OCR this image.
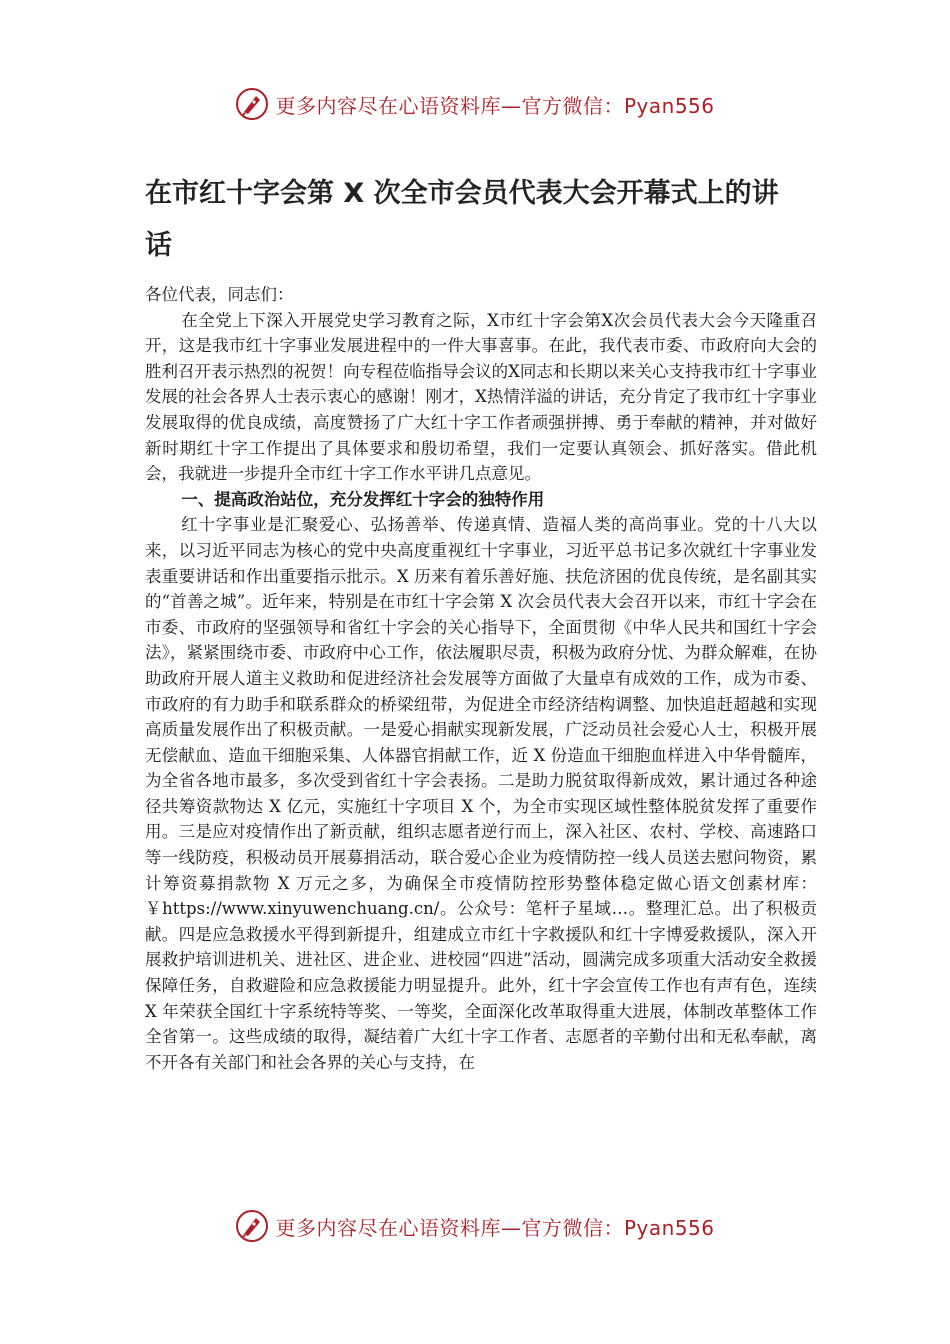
更多内容尽在心语资料库—官方微信：Pyan556
在市红十字会第 X 次全市会员代表大会开幕式上的讲话

各位代表，同志们：

在全党上下深入开展党史学习教育之际，X市红十字会第X次会员代表大会今天隆重召开，这是我市红十字事业发展进程中的一件大事喜事。在此，我代表市委、市政府向大会的胜利召开表示热烈的祝贺！向专程莅临指导会议的X同志和长期以来关心支持我市红十字事业发展的社会各界人士表示衷心的感谢！刚才，X热情洋溢的讲话，充分肯定了我市红十字事业发展取得的优良成绩，高度赞扬了广大红十字工作者顽强拼搏、勇于奉献的精神，并对做好新时期红十字工作提出了具体要求和殷切希望，我们一定要认真领会、抓好落实。借此机会，我就进一步提升全市红十字工作水平讲几点意见。

一、提高政治站位，充分发挥红十字会的独特作用

红十字事业是汇聚爱心、弘扬善举、传递真情、造福人类的高尚事业。党的十八大以来，以习近平同志为核心的党中央高度重视红十字事业，习近平总书记多次就红十字事业发表重要讲话和作出重要指示批示。X 历来有着乐善好施、扶危济困的优良传统，是名副其实的“首善之城”。近年来，特别是在市红十字会第 X 次会员代表大会召开以来，市红十字会在市委、市政府的坚强领导和省红十字会的关心指导下，全面贯彻《中华人民共和国红十字会法》，紧紧围绕市委、市政府中心工作，依法履职尽责，积极为政府分忧、为群众解难，在协助政府开展人道主义救助和促进经济社会发展等方面做了大量卓有成效的工作，成为市委、市政府的有力助手和联系群众的桥梁纽带，为促进全市经济结构调整、加快追赶超越和实现高质量发展作出了积极贡献。一是爱心捐献实现新发展，广泛动员社会爱心人士，积极开展无偿献血、造血干细胞采集、人体器官捐献工作，近 X 份造血干细胞血样进入中华骨髓库，为全省各地市最多，多次受到省红十字会表扬。二是助力脱贫取得新成效，累计通过各种途径共筹资款物达 X 亿元，实施红十字项目 X 个，为全市实现区域性整体脱贫发挥了重要作用。三是应对疫情作出了新贡献，组织志愿者逆行而上，深入社区、农村、学校、高速路口等一线防疫，积极动员开展募捐活动，联合爱心企业为疫情防控一线人员送去慰问物资，累计筹资募捐款物 X 万元之多，为确保全市疫情防控形势整体稳定做心语文创素材库：￥https://www.xinyuwenchuang.cn/。公众号：笔杆子星域…。整理汇总。出了积极贡献。四是应急救援水平得到新提升，组建成立市红十字救援队和红十字博爱救援队，深入开展救护培训进机关、进社区、进企业、进校园“四进”活动，圆满完成多项重大活动安全救援保障任务，自救避险和应急救援能力明显提升。此外，红十字会宣传工作也有声有色，连续 X 年荣获全国红十字系统特等奖、一等奖，全面深化改革取得重大进展，体制改革整体工作全省第一。这些成绩的取得，凝结着广大红十字工作者、志愿者的辛勤付出和无私奉献，离不开各有关部门和社会各界的关心与支持，在

更多内容尽在心语资料库—官方微信：Pyan556
